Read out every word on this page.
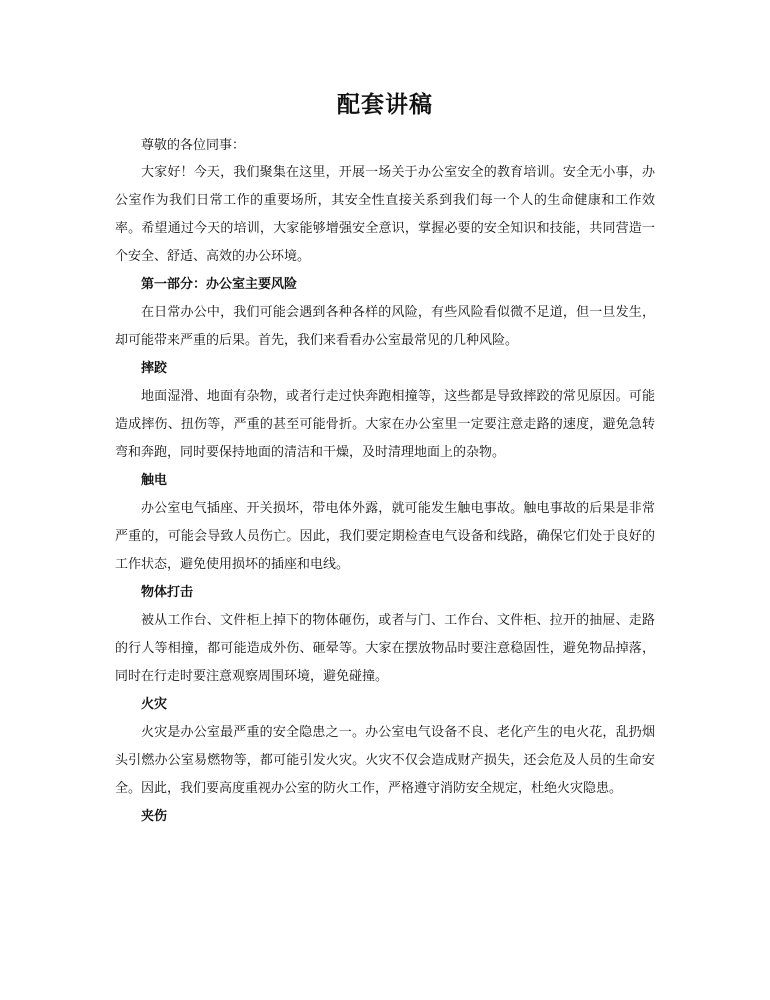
配套讲稿

尊敬的各位同事：

大家好！今天，我们聚集在这里，开展一场关于办公室安全的教育培训。安全无小事，办公室作为我们日常工作的重要场所，其安全性直接关系到我们每一个人的生命健康和工作效率。希望通过今天的培训，大家能够增强安全意识，掌握必要的安全知识和技能，共同营造一个安全、舒适、高效的办公环境。

第一部分：办公室主要风险

在日常办公中，我们可能会遇到各种各样的风险，有些风险看似微不足道，但一旦发生，却可能带来严重的后果。首先，我们来看看办公室最常见的几种风险。

摔跤

地面湿滑、地面有杂物，或者行走过快奔跑相撞等，这些都是导致摔跤的常见原因。可能造成摔伤、扭伤等，严重的甚至可能骨折。大家在办公室里一定要注意走路的速度，避免急转弯和奔跑，同时要保持地面的清洁和干燥，及时清理地面上的杂物。

触电

办公室电气插座、开关损坏，带电体外露，就可能发生触电事故。触电事故的后果是非常严重的，可能会导致人员伤亡。因此，我们要定期检查电气设备和线路，确保它们处于良好的工作状态，避免使用损坏的插座和电线。

物体打击

被从工作台、文件柜上掉下的物体砸伤，或者与门、工作台、文件柜、拉开的抽屉、走路的行人等相撞，都可能造成外伤、砸晕等。大家在摆放物品时要注意稳固性，避免物品掉落，同时在行走时要注意观察周围环境，避免碰撞。

火灾

火灾是办公室最严重的安全隐患之一。办公室电气设备不良、老化产生的电火花，乱扔烟头引燃办公室易燃物等，都可能引发火灾。火灾不仅会造成财产损失，还会危及人员的生命安全。因此，我们要高度重视办公室的防火工作，严格遵守消防安全规定，杜绝火灾隐患。

夹伤
